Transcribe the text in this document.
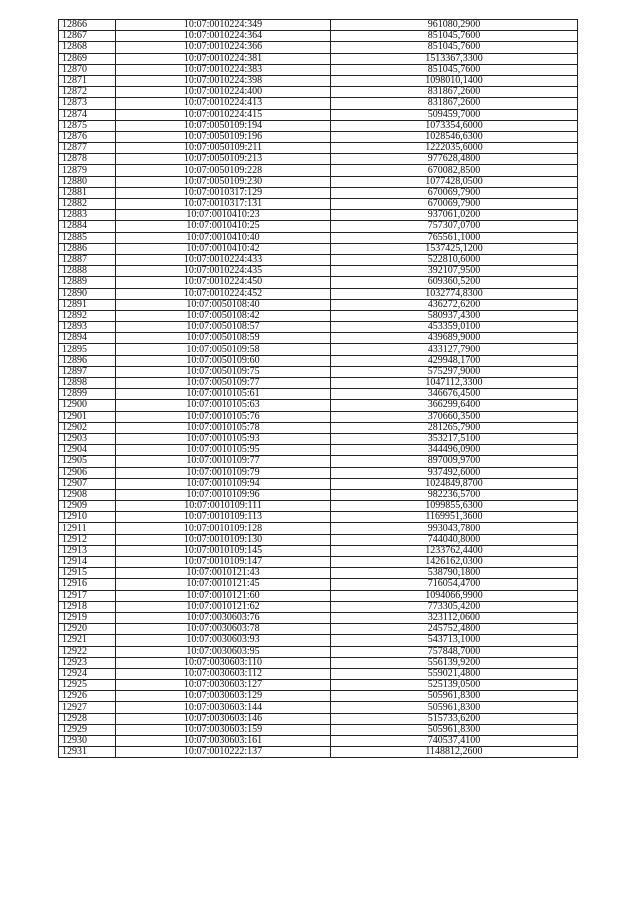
12866	10:07:0010224:349	961080,2900
12867	10:07:0010224:364	851045,7600
12868	10:07:0010224:366	851045,7600
12869	10:07:0010224:381	1513367,3300
12870	10:07:0010224:383	851045,7600
12871	10:07:0010224:398	1098010,1400
12872	10:07:0010224:400	831867,2600
12873	10:07:0010224:413	831867,2600
12874	10:07:0010224:415	509459,7000
12875	10:07:0050109:194	1073354,6000
12876	10:07:0050109:196	1028546,6300
12877	10:07:0050109:211	1222035,6000
12878	10:07:0050109:213	977628,4800
12879	10:07:0050109:228	670082,8500
12880	10:07:0050109:230	1077428,0500
12881	10:07:0010317:129	670069,7900
12882	10:07:0010317:131	670069,7900
12883	10:07:0010410:23	937061,0200
12884	10:07:0010410:25	757307,0700
12885	10:07:0010410:40	765561,1000
12886	10:07:0010410:42	1537425,1200
12887	10:07:0010224:433	522810,6000
12888	10:07:0010224:435	392107,9500
12889	10:07:0010224:450	609360,5200
12890	10:07:0010224:452	1032774,8300
12891	10:07:0050108:40	436272,6200
12892	10:07:0050108:42	580937,4300
12893	10:07:0050108:57	453359,0100
12894	10:07:0050108:59	439689,9000
12895	10:07:0050109:58	433127,7900
12896	10:07:0050109:60	429948,1700
12897	10:07:0050109:75	575297,9000
12898	10:07:0050109:77	1047112,3300
12899	10:07:0010105:61	346676,4500
12900	10:07:0010105:63	366299,6400
12901	10:07:0010105:76	370660,3500
12902	10:07:0010105:78	281265,7900
12903	10:07:0010105:93	353217,5100
12904	10:07:0010105:95	344496,0900
12905	10:07:0010109:77	897009,9700
12906	10:07:0010109:79	937492,6000
12907	10:07:0010109:94	1024849,8700
12908	10:07:0010109:96	982236,5700
12909	10:07:0010109:111	1099855,6300
12910	10:07:0010109:113	1169951,3600
12911	10:07:0010109:128	993043,7800
12912	10:07:0010109:130	744040,8000
12913	10:07:0010109:145	1233762,4400
12914	10:07:0010109:147	1426162,0300
12915	10:07:0010121:43	538790,1800
12916	10:07:0010121:45	716054,4700
12917	10:07:0010121:60	1094066,9900
12918	10:07:0010121:62	773305,4200
12919	10:07:0030603:76	323112,0600
12920	10:07:0030603:78	245752,4800
12921	10:07:0030603:93	543713,1000
12922	10:07:0030603:95	757848,7000
12923	10:07:0030603:110	556139,9200
12924	10:07:0030603:112	559021,4800
12925	10:07:0030603:127	525139,0500
12926	10:07:0030603:129	505961,8300
12927	10:07:0030603:144	505961,8300
12928	10:07:0030603:146	515733,6200
12929	10:07:0030603:159	505961,8300
12930	10:07:0030603:161	740537,4100
12931	10:07:0010222:137	1148812,2600
